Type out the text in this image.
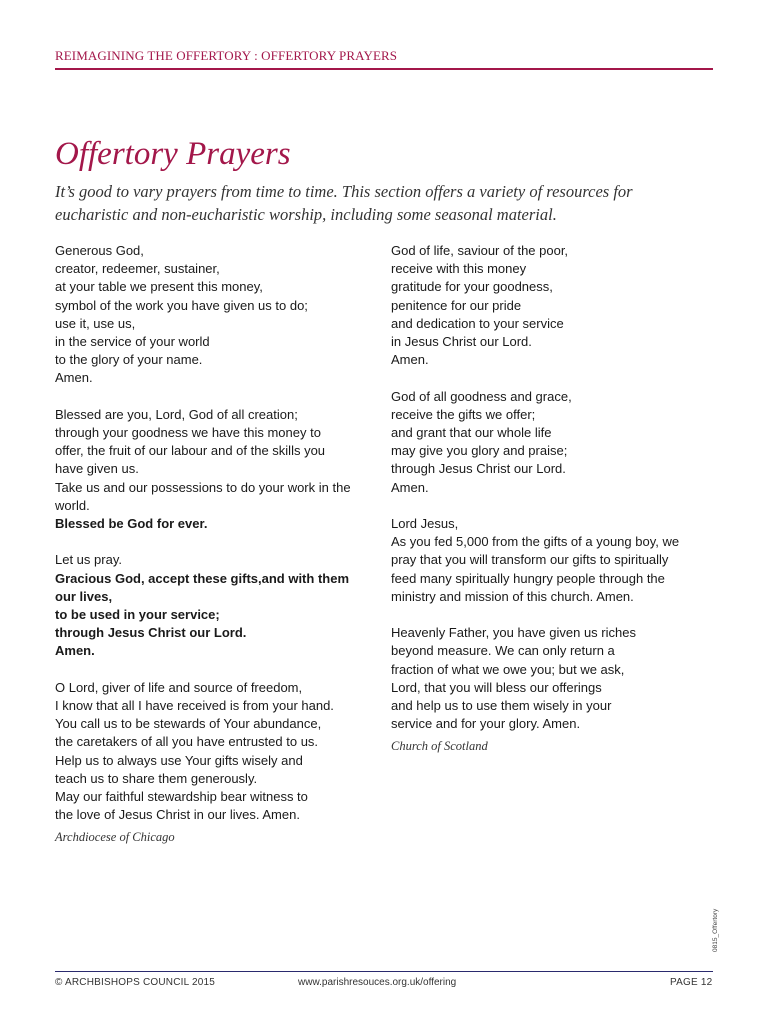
REIMAGINING THE OFFERTORY : OFFERTORY PRAYERS
Offertory Prayers
It’s good to vary prayers from time to time. This section offers a variety of resources for
eucharistic and non-eucharistic worship, including some seasonal material.
Generous God,
creator, redeemer, sustainer,
at your table we present this money,
symbol of the work you have given us to do;
use it, use us,
in the service of your world
to the glory of your name.
Amen.
Blessed are you, Lord, God of all creation;
through your goodness we have this money to
offer, the fruit of our labour and of the skills you
have given us.
Take us and our possessions to do your work in the
world.
Blessed be God for ever.
Let us pray.
Gracious God, accept these gifts,and with them
our lives,
to be used in your service;
through Jesus Christ our Lord.
Amen.
O Lord, giver of life and source of freedom,
I know that all I have received is from your hand.
You call us to be stewards of Your abundance,
the caretakers of all you have entrusted to us.
Help us to always use Your gifts wisely and
teach us to share them generously.
May our faithful stewardship bear witness to
the love of Jesus Christ in our lives. Amen.
Archdiocese of Chicago
God of life, saviour of the poor,
receive with this money
gratitude for your goodness,
penitence for our pride
and dedication to your service
in Jesus Christ our Lord.
Amen.
God of all goodness and grace,
receive the gifts we offer;
and grant that our whole life
may give you glory and praise;
through Jesus Christ our Lord.
Amen.
Lord Jesus,
As you fed 5,000 from the gifts of a young boy, we
pray that you will transform our gifts to spiritually
feed many spiritually hungry people through the
ministry and mission of this church. Amen.
Heavenly Father, you have given us riches
beyond measure. We can only return a
fraction of what we owe you; but we ask,
Lord, that you will bless our offerings
and help us to use them wisely in your
service and for your glory. Amen.
Church of Scotland
0815_Offertory
© ARCHBISHOPS COUNCIL 2015	www.parishresouces.org.uk/offering	PAGE 12
